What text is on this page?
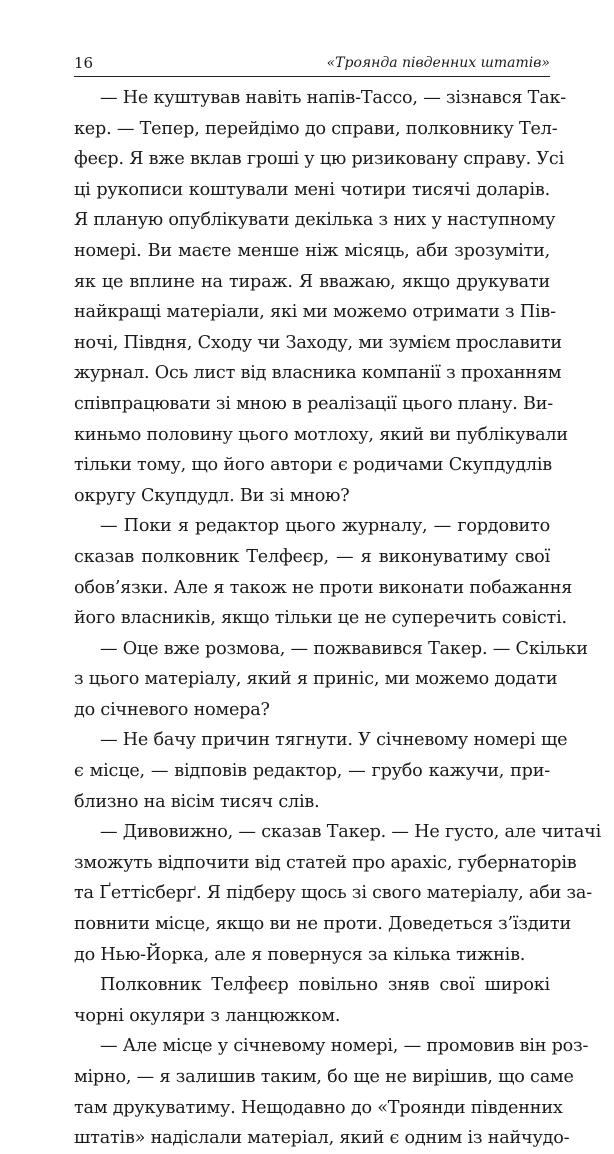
16	«Троянда південних штатів»
— Не куштував навіть напів-Тассо, — зізнався Так-
кер. — Тепер, перейдімо до справи, полковнику Тел-
феєр. Я вже вклав гроші у цю ризиковану справу. Усі
ці рукописи коштували мені чотири тисячі доларів.
Я планую опублікувати декілька з них у наступному
номері. Ви маєте менше ніж місяць, аби зрозуміти,
як це вплине на тираж. Я вважаю, якщо друкувати
найкращі матеріали, які ми можемо отримати з Пів-
ночі, Півдня, Сходу чи Заходу, ми зумієм прославити
журнал. Ось лист від власника компанії з проханням
співпрацювати зі мною в реалізації цього плану. Ви-
киньмо половину цього мотлоху, який ви публікували
тільки тому, що його автори є родичами Скупдудлів
округу Скупдудл. Ви зі мною?
— Поки я редактор цього журналу, — гордовито
сказав полковник Телфеєр, — я виконуватиму свої
обов’язки. Але я також не проти виконати побажання
його власників, якщо тільки це не суперечить совісті.
— Оце вже розмова, — пожвавився Такер. — Скільки
з цього матеріалу, який я приніс, ми можемо додати
до січневого номера?
— Не бачу причин тягнути. У січневому номері ще
є місце, — відповів редактор, — грубо кажучи, при-
близно на вісім тисяч слів.
— Дивовижно, — сказав Такер. — Не густо, але читачі
зможуть відпочити від статей про арахіс, губернаторів
та Ґеттісберґ. Я підберу щось зі свого матеріалу, аби за-
повнити місце, якщо ви не проти. Доведеться з’їздити
до Нью-Йорка, але я повернуся за кілька тижнів.
Полковник Телфеєр повільно зняв свої широкі
чорні окуляри з ланцюжком.
— Але місце у січневому номері, — промовив він роз-
мірно, — я залишив таким, бо ще не вирішив, що саме
там друкуватиму. Нещодавно до «Троянди південних
штатів» надіслали матеріал, який є одним із найчудо-
